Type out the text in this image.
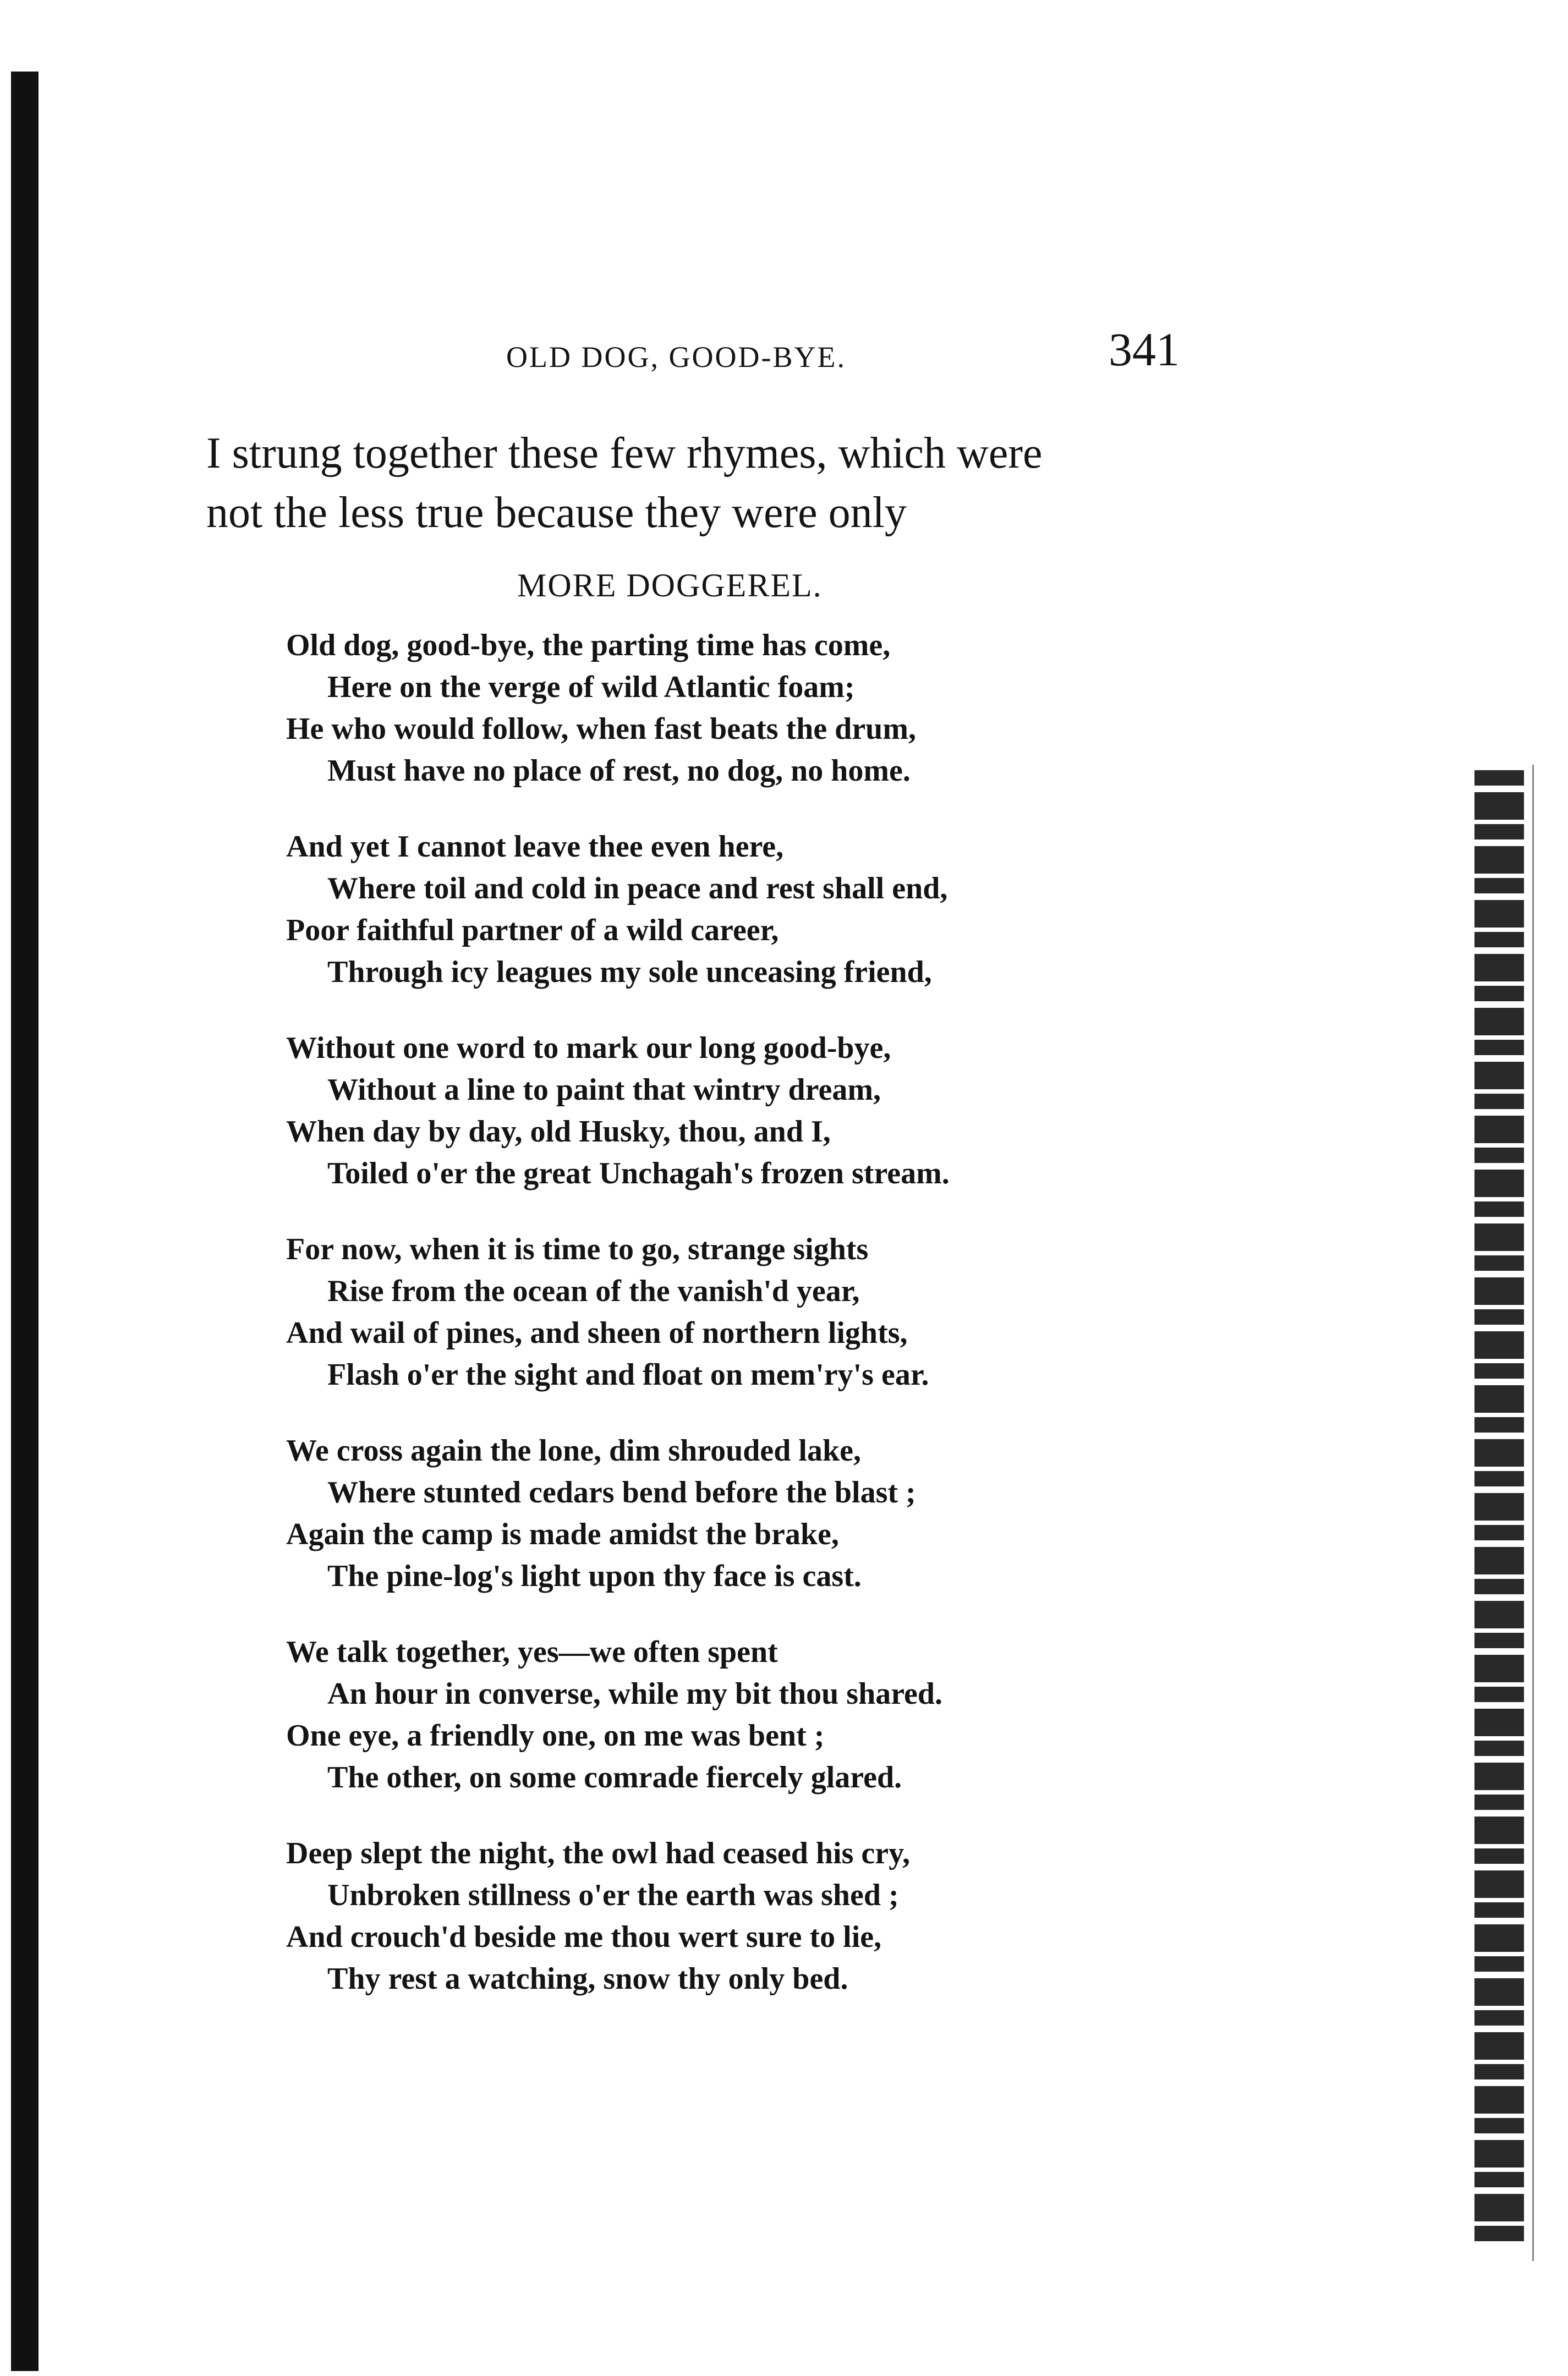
OLD DOG, GOOD-BYE.	341
I strung together these few rhymes, which were
not the less true because they were only
MORE DOGGEREL.
Old dog, good-bye, the parting time has come,
Here on the verge of wild Atlantic foam;
He who would follow, when fast beats the drum,
Must have no place of rest, no dog, no home.
And yet I cannot leave thee even here,
Where toil and cold in peace and rest shall end,
Poor faithful partner of a wild career,
Through icy leagues my sole unceasing friend,
Without one word to mark our long good-bye,
Without a line to paint that wintry dream,
When day by day, old Husky, thou, and I,
Toiled o'er the great Unchagah's frozen stream.
For now, when it is time to go, strange sights
Rise from the ocean of the vanish'd year,
And wail of pines, and sheen of northern lights,
Flash o'er the sight and float on mem'ry's ear.
We cross again the lone, dim shrouded lake,
Where stunted cedars bend before the blast ;
Again the camp is made amidst the brake,
The pine-log's light upon thy face is cast.
We talk together, yes—we often spent
An hour in converse, while my bit thou shared.
One eye, a friendly one, on me was bent ;
The other, on some comrade fiercely glared.
Deep slept the night, the owl had ceased his cry,
Unbroken stillness o'er the earth was shed ;
And crouch'd beside me thou wert sure to lie,
Thy rest a watching, snow thy only bed.
